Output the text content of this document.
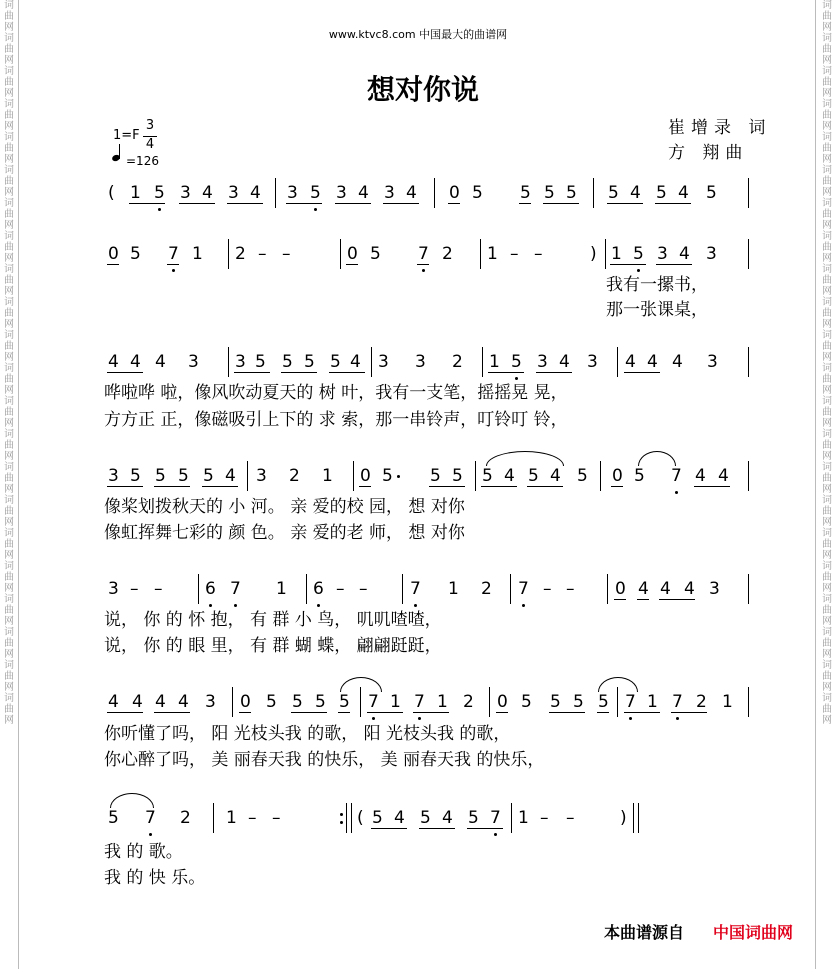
词
曲
网
词
曲
网
词
曲
网
词
曲
网
词
曲
网
词
曲
网
词
曲
网
词
曲
网
词
曲
网
词
曲
网
词
曲
网
词
曲
网
词
曲
网
词
曲
网
词
曲
网
词
曲
网
词
曲
网
词
曲
网
词
曲
网
词
曲
网
词
曲
网
词
曲
网
词
曲
网
词
曲
网
词
曲
网
词
曲
网
词
曲
网
词
曲
网
词
曲
网
词
曲
网
词
曲
网
词
曲
网
词
曲
网
词
曲
网
词
曲
网
词
曲
网
词
曲
网
词
曲
网
词
曲
网
词
曲
网
词
曲
网
词
曲
网
词
曲
网
词
曲
网
www.ktvc8.com 中国最大的曲谱网
想对你说
崔增录 词
方 翔曲
1=F
3
4
=126
( 1 5 3 4 3 4 3 5 3 4 3 4 0 5 5 5 5 5 4 5 4 5
0 5 7 1 2 – –	0 5 7 2 1 – –	) 1 5 3 4 3
4 4 4 3 3 5 5 5 5 4 3 3 2 1 5 3 4 3 4 4 4 3
3 5 5 5 5 4 3 2 1 0 5 5 5 5 4 5 4 5 0 5 7 4 4
3 – –	6 7 1 6 – –	7 1 2 7 – – 0 4 4 4 3
4 4 4 4 3 0 5 5 5 5 7 1 7 1 2 0 5 5 5 5 7 1 7 2 1
5 7 2 1 – –	( 5 4 5 4 5 7 1 – –	)
我有一摞书，
那一张课桌，
哗啦哗 啦，像风吹动夏天的 树 叶，我有一支笔，摇摇晃 晃，
方方正 正，像磁吸引上下的 求 索，那一串铃声，叮铃叮 铃，
像桨划拨秋天的 小 河。 亲 爱的校 园， 想 对你
像虹挥舞七彩的 颜 色。 亲 爱的老 师， 想 对你
说， 你 的 怀 抱， 有 群 小 鸟， 叽叽喳喳，
说， 你 的 眼 里， 有 群 蝴 蝶， 翩翩跹跹，
你听懂了吗， 阳 光枝头我 的歌， 阳 光枝头我 的歌，
你心醉了吗， 美 丽春天我 的快乐， 美 丽春天我 的快乐，
我 的 歌。
我 的 快 乐。
本曲谱源自 中国词曲网
